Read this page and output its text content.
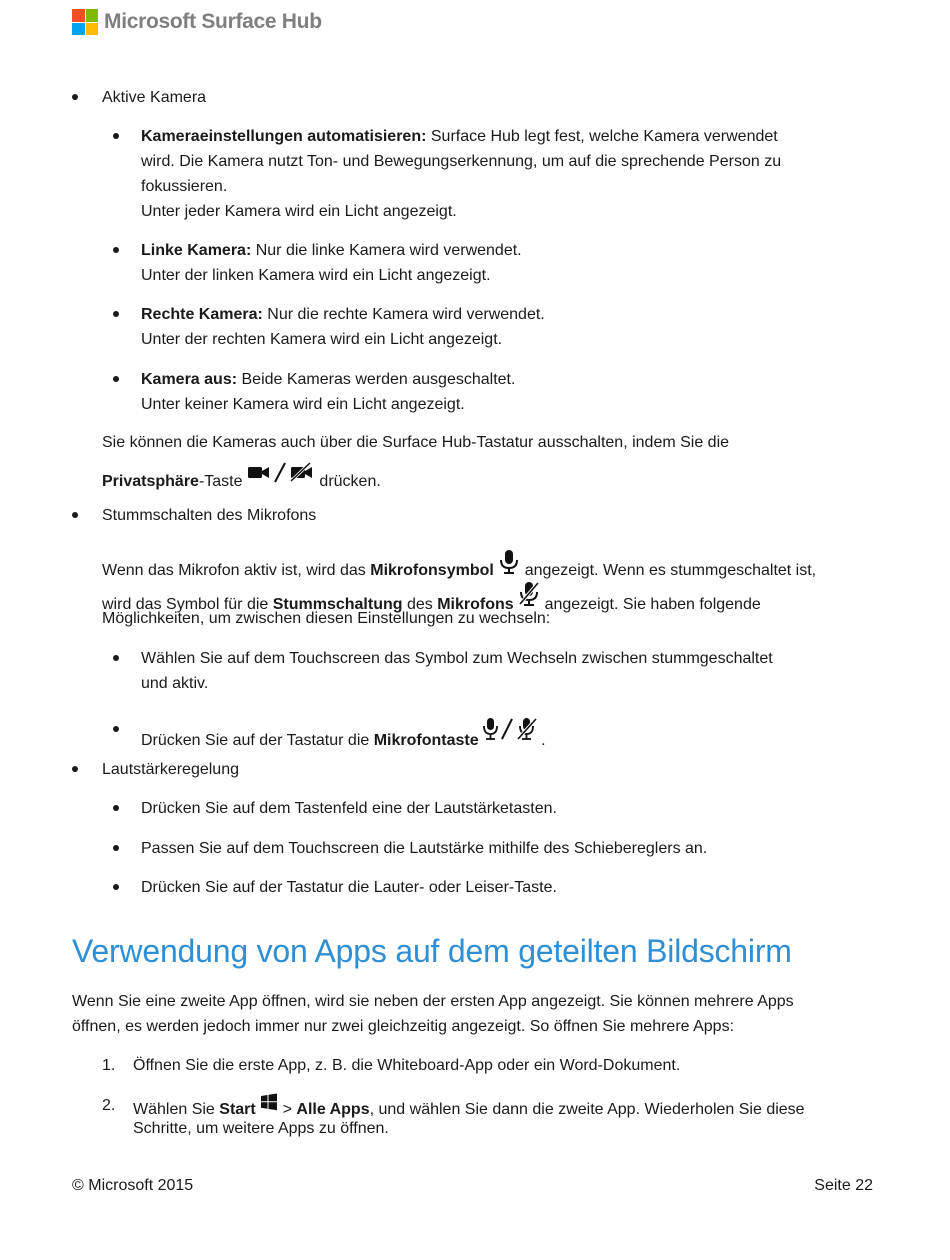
Microsoft Surface Hub
Aktive Kamera
Kameraeinstellungen automatisieren: Surface Hub legt fest, welche Kamera verwendet
wird. Die Kamera nutzt Ton- und Bewegungserkennung, um auf die sprechende Person zu
fokussieren.
Unter jeder Kamera wird ein Licht angezeigt.
Linke Kamera: Nur die linke Kamera wird verwendet.
Unter der linken Kamera wird ein Licht angezeigt.
Rechte Kamera: Nur die rechte Kamera wird verwendet.
Unter der rechten Kamera wird ein Licht angezeigt.
Kamera aus: Beide Kameras werden ausgeschaltet.
Unter keiner Kamera wird ein Licht angezeigt.
Sie können die Kameras auch über die Surface Hub-Tastatur ausschalten, indem Sie die
Privatsphäre-Taste	drücken.
Stummschalten des Mikrofons
Wenn das Mikrofon aktiv ist, wird das Mikrofonsymbol  angezeigt. Wenn es stummgeschaltet ist,
wird das Symbol für die Stummschaltung des Mikrofons  angezeigt. Sie haben folgende
Möglichkeiten, um zwischen diesen Einstellungen zu wechseln:
Wählen Sie auf dem Touchscreen das Symbol zum Wechseln zwischen stummgeschaltet
und aktiv.
Drücken Sie auf der Tastatur die Mikrofontaste	.
Lautstärkeregelung
Drücken Sie auf dem Tastenfeld eine der Lautstärketasten.
Passen Sie auf dem Touchscreen die Lautstärke mithilfe des Schiebereglers an.
Drücken Sie auf der Tastatur die Lauter- oder Leiser-Taste.
Verwendung von Apps auf dem geteilten Bildschirm
Wenn Sie eine zweite App öffnen, wird sie neben der ersten App angezeigt. Sie können mehrere Apps
öffnen, es werden jedoch immer nur zwei gleichzeitig angezeigt. So öffnen Sie mehrere Apps:
1. Öffnen Sie die erste App, z. B. die Whiteboard-App oder ein Word-Dokument.
2. Wählen Sie Start  > Alle Apps, und wählen Sie dann die zweite App. Wiederholen Sie diese
Schritte, um weitere Apps zu öffnen.
© Microsoft 2015	Seite 22
